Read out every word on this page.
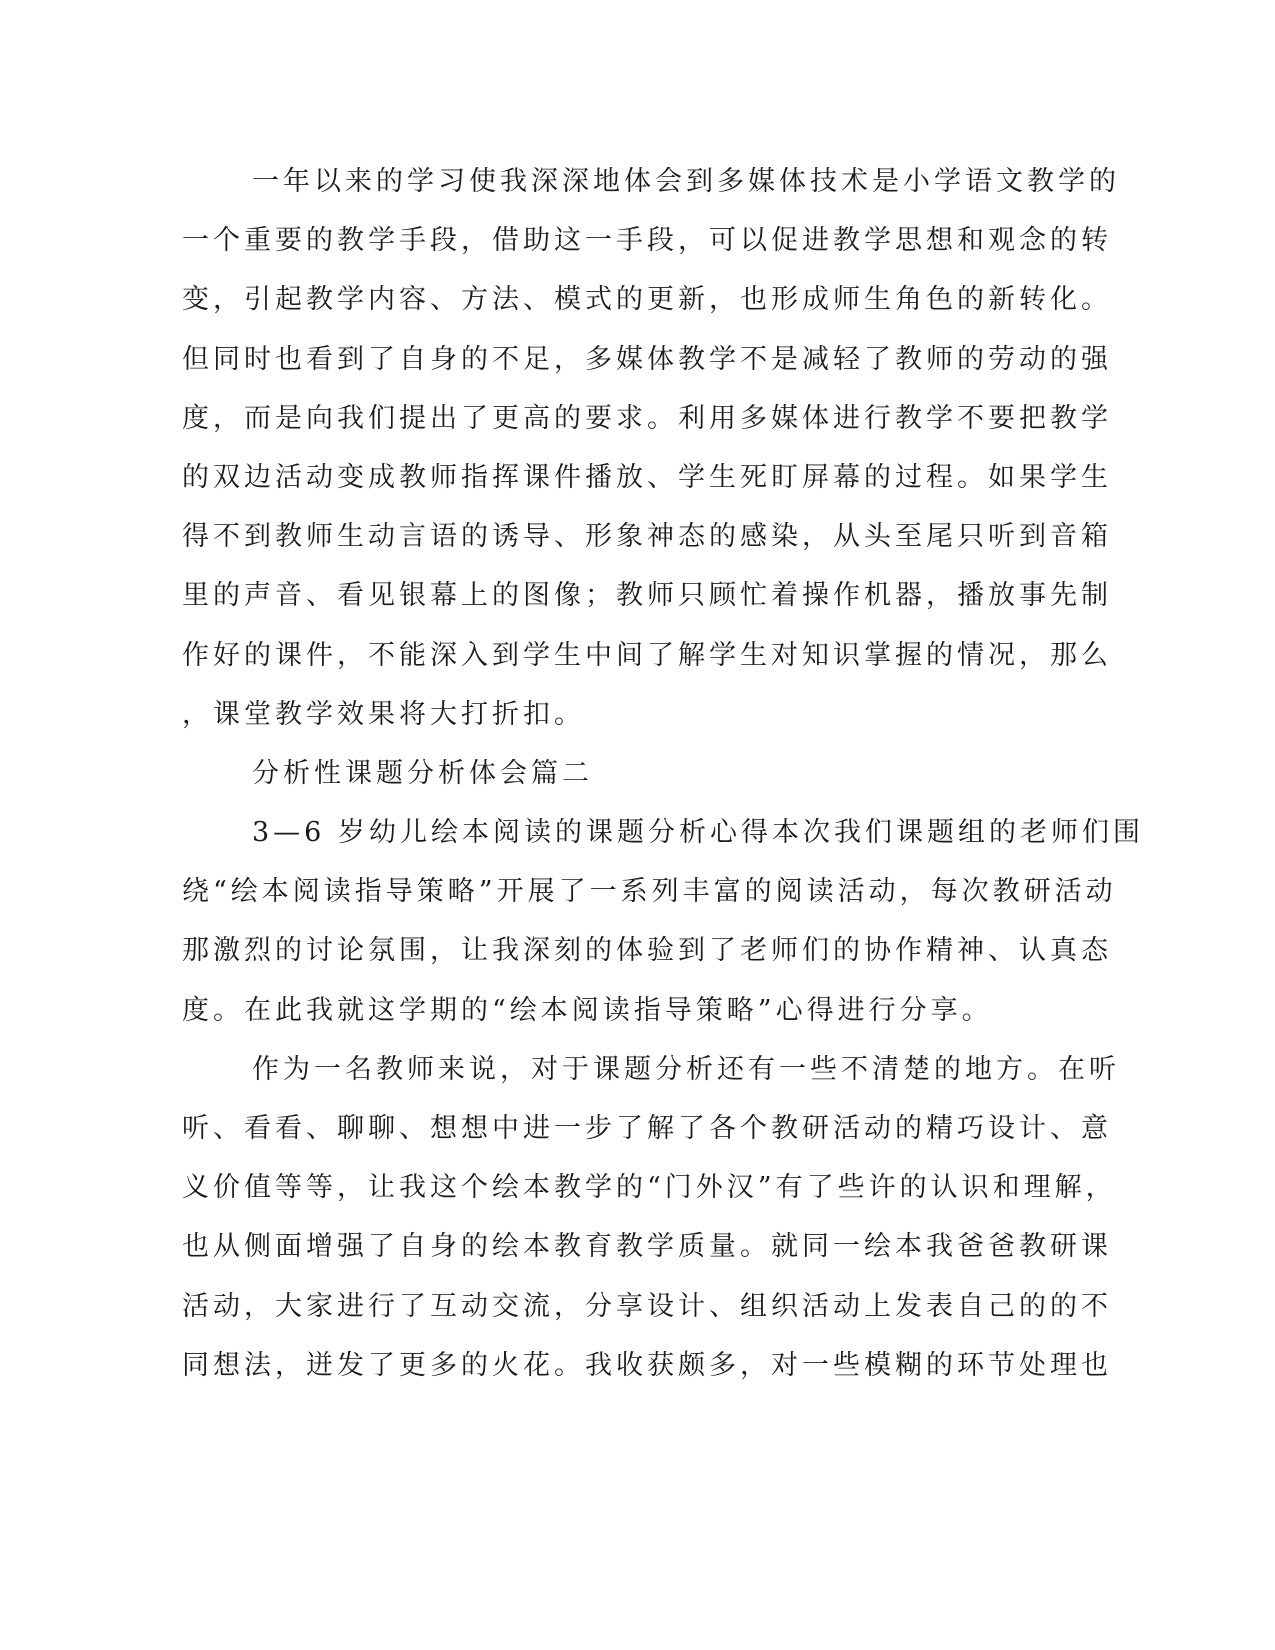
一年以来的学习使我深深地体会到多媒体技术是小学语文教学的
一个重要的教学手段，借助这一手段，可以促进教学思想和观念的转
变，引起教学内容、方法、模式的更新，也形成师生角色的新转化。
但同时也看到了自身的不足，多媒体教学不是减轻了教师的劳动的强
度，而是向我们提出了更高的要求。利用多媒体进行教学不要把教学
的双边活动变成教师指挥课件播放、学生死盯屏幕的过程。如果学生
得不到教师生动言语的诱导、形象神态的感染，从头至尾只听到音箱
里的声音、看见银幕上的图像；教师只顾忙着操作机器，播放事先制
作好的课件，不能深入到学生中间了解学生对知识掌握的情况，那么
，课堂教学效果将大打折扣。
分析性课题分析体会篇二
3—6 岁幼儿绘本阅读的课题分析心得本次我们课题组的老师们围
绕“绘本阅读指导策略”开展了一系列丰富的阅读活动，每次教研活动
那激烈的讨论氛围，让我深刻的体验到了老师们的协作精神、认真态
度。在此我就这学期的“绘本阅读指导策略”心得进行分享。
作为一名教师来说，对于课题分析还有一些不清楚的地方。在听
听、看看、聊聊、想想中进一步了解了各个教研活动的精巧设计、意
义价值等等，让我这个绘本教学的“门外汉”有了些许的认识和理解，
也从侧面增强了自身的绘本教育教学质量。就同一绘本我爸爸教研课
活动，大家进行了互动交流，分享设计、组织活动上发表自己的的不
同想法，迸发了更多的火花。我收获颇多，对一些模糊的环节处理也
